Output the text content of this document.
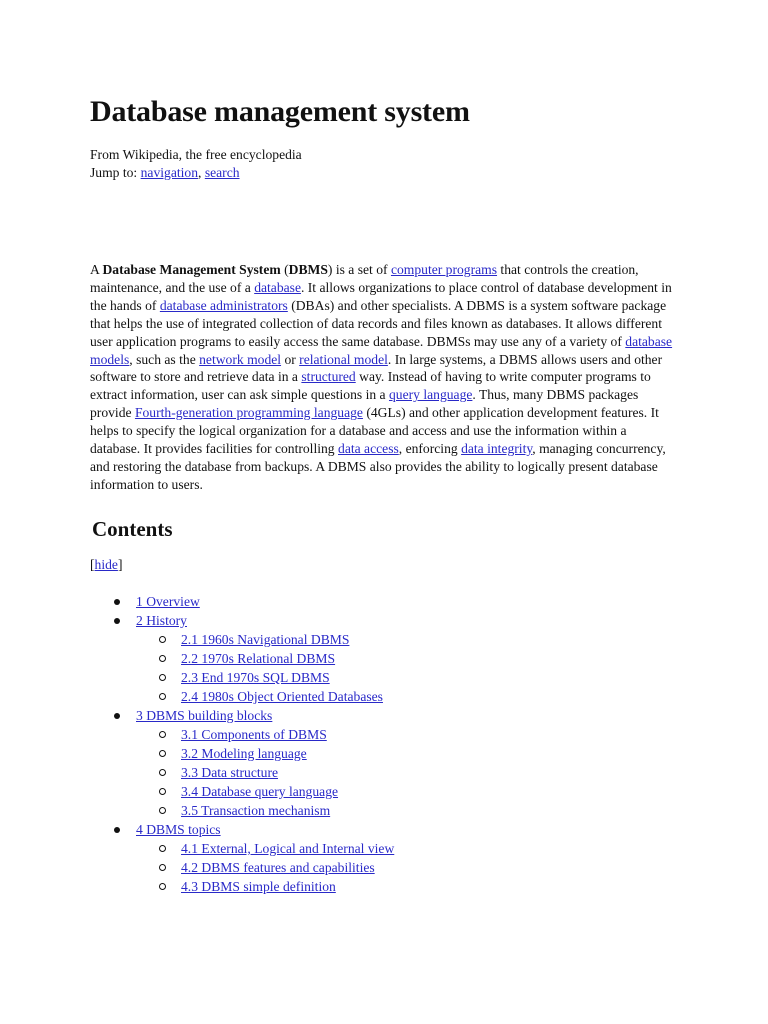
Database management system
From Wikipedia, the free encyclopedia
Jump to: navigation, search

A Database Management System (DBMS) is a set of computer programs that controls the creation, maintenance, and the use of a database. It allows organizations to place control of database development in the hands of database administrators (DBAs) and other specialists. A DBMS is a system software package that helps the use of integrated collection of data records and files known as databases. It allows different user application programs to easily access the same database. DBMSs may use any of a variety of database models, such as the network model or relational model. In large systems, a DBMS allows users and other software to store and retrieve data in a structured way. Instead of having to write computer programs to extract information, user can ask simple questions in a query language. Thus, many DBMS packages provide Fourth-generation programming language (4GLs) and other application development features. It helps to specify the logical organization for a database and access and use the information within a database. It provides facilities for controlling data access, enforcing data integrity, managing concurrency, and restoring the database from backups. A DBMS also provides the ability to logically present database information to users.

Contents
[hide]
1 Overview
2 History
2.1 1960s Navigational DBMS
2.2 1970s Relational DBMS
2.3 End 1970s SQL DBMS
2.4 1980s Object Oriented Databases
3 DBMS building blocks
3.1 Components of DBMS
3.2 Modeling language
3.3 Data structure
3.4 Database query language
3.5 Transaction mechanism
4 DBMS topics
4.1 External, Logical and Internal view
4.2 DBMS features and capabilities
4.3 DBMS simple definition
